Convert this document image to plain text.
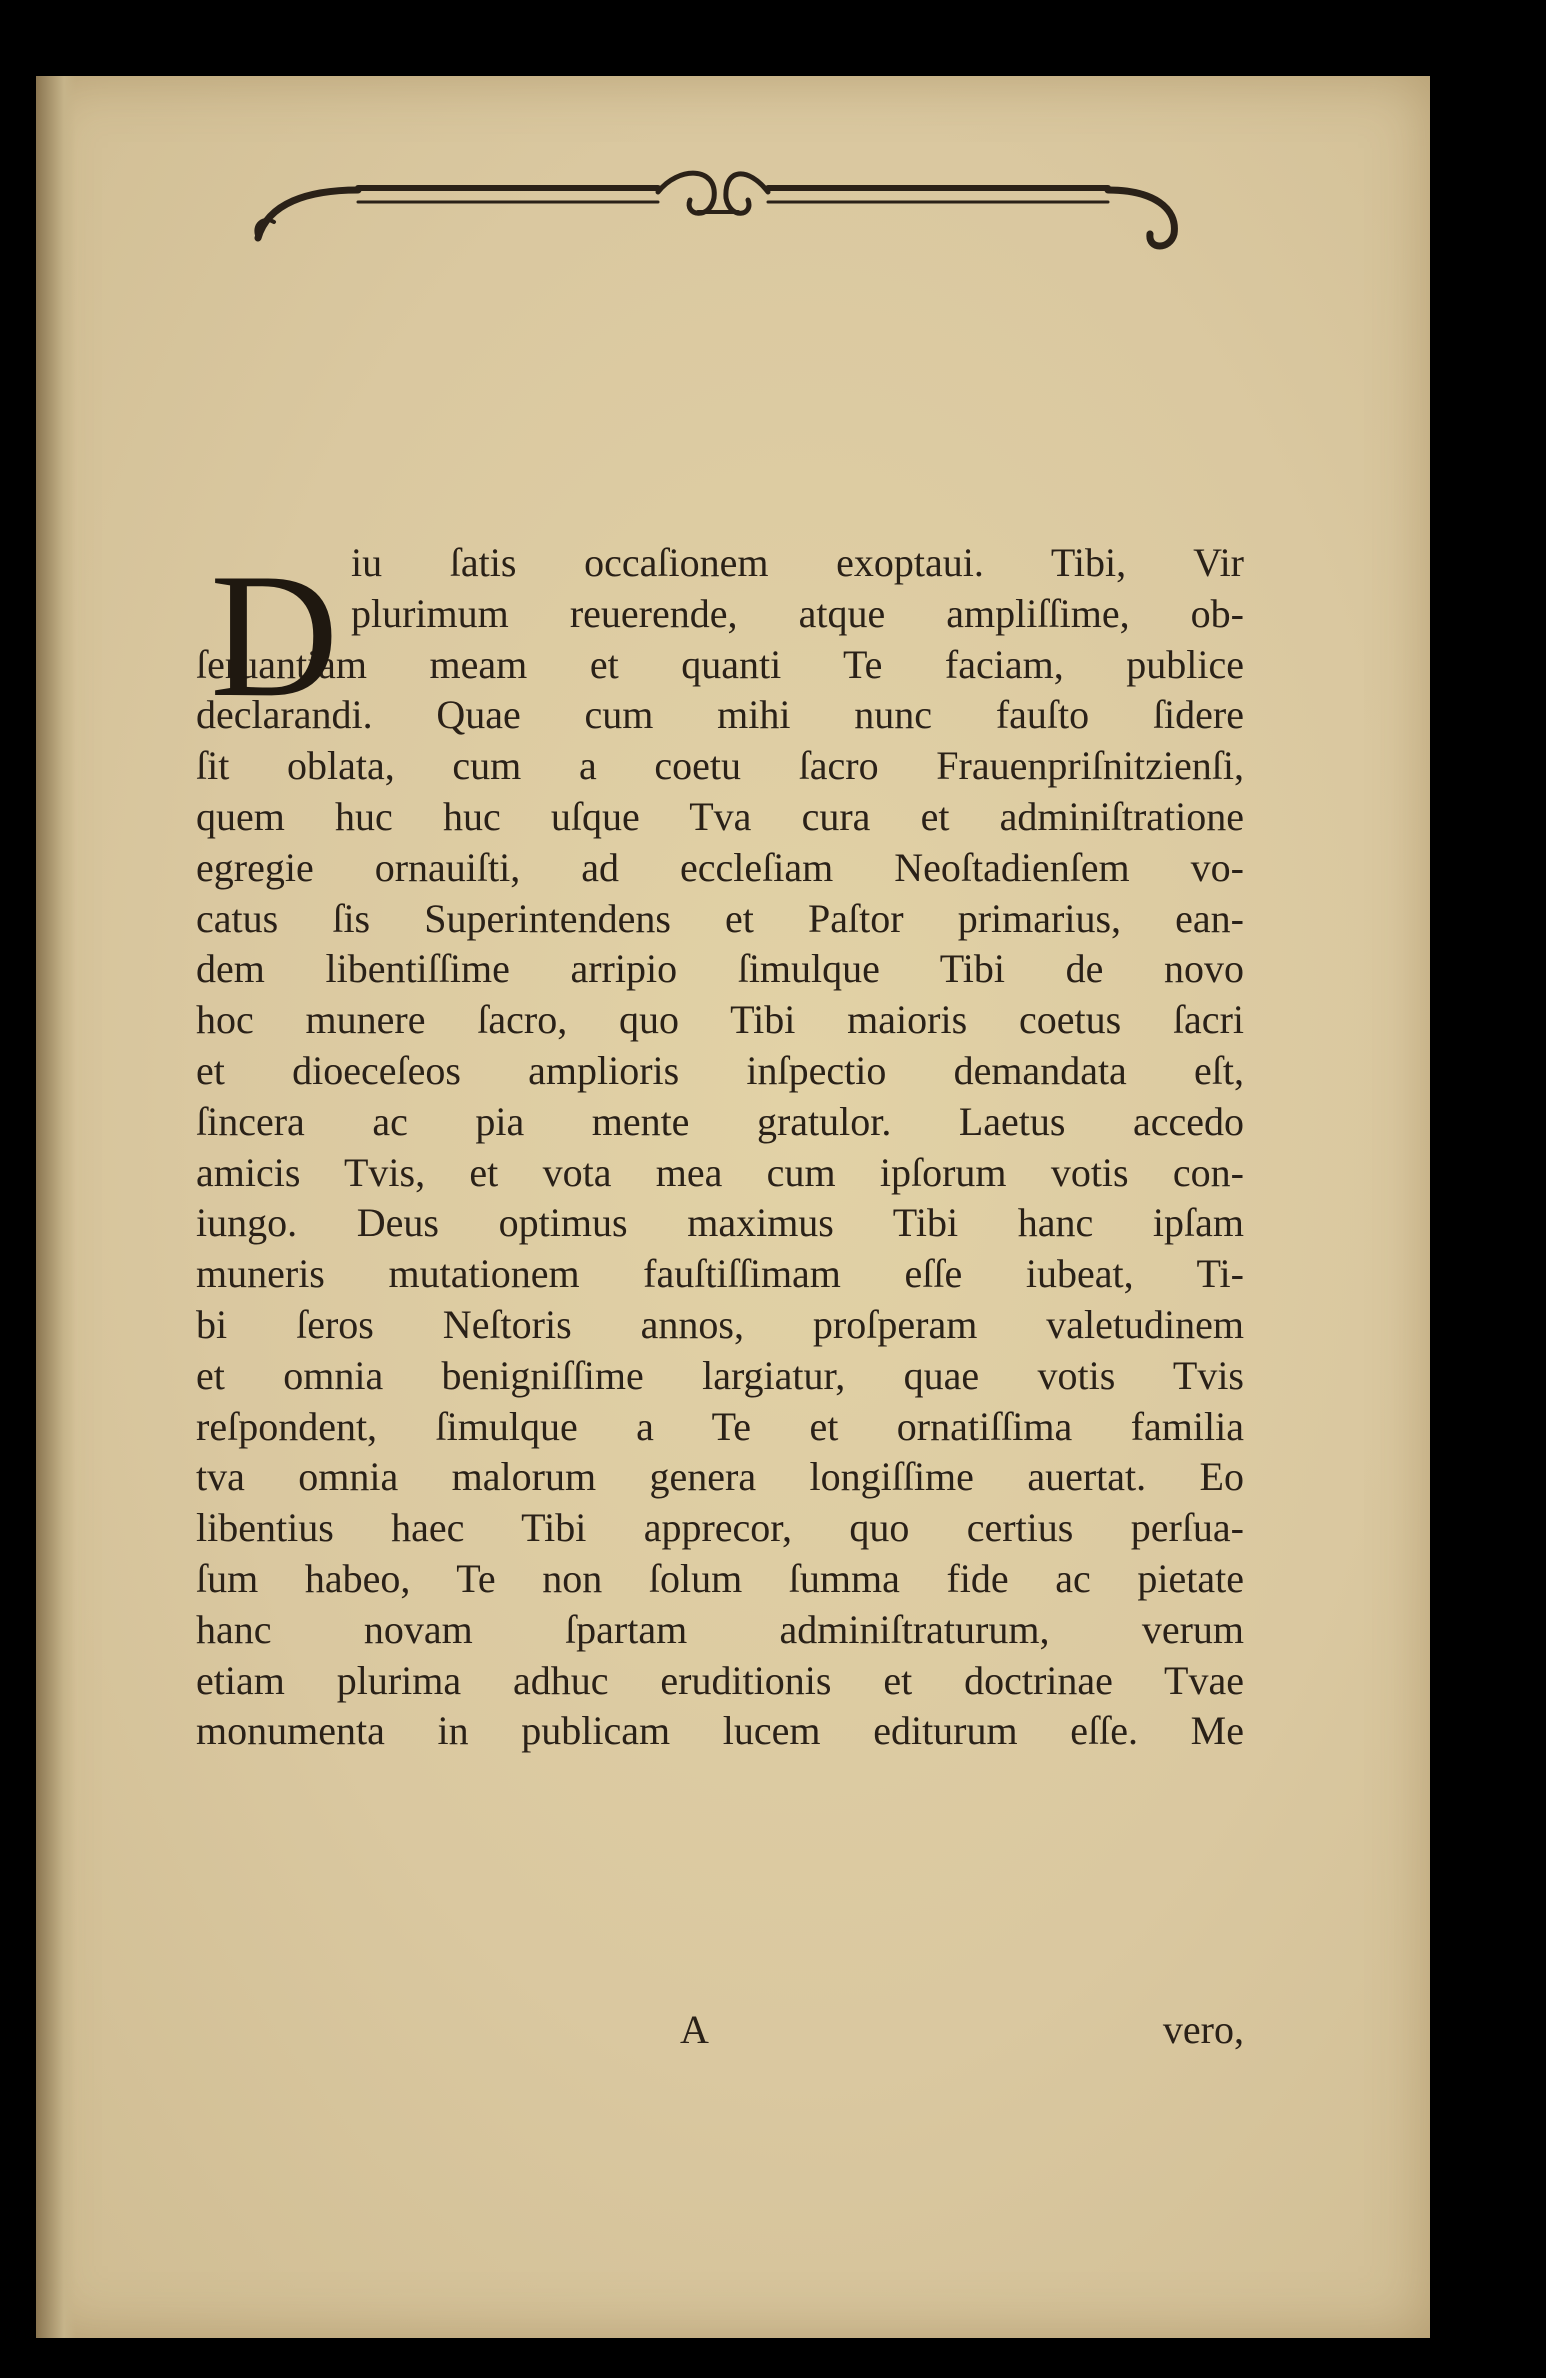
D iu ſatis occaſionem exoptaui. Tibi, Vir
plurimum reuerende, atque ampliſſime, ob-
ſeruantiam meam et quanti Te faciam, publice
declarandi. Quae cum mihi nunc fauſto ſidere
ſit oblata, cum a coetu ſacro Frauenpriſnitzienſi,
quem huc huc uſque Tva cura et adminiſtratione
egregie ornauiſti, ad eccleſiam Neoſtadienſem vo-
catus ſis Superintendens et Paſtor primarius, ean-
dem libentiſſime arripio ſimulque Tibi de novo
hoc munere ſacro, quo Tibi maioris coetus ſacri
et dioeceſeos amplioris inſpectio demandata eſt,
ſincera ac pia mente gratulor. Laetus accedo
amicis Tvis, et vota mea cum ipſorum votis con-
iungo. Deus optimus maximus Tibi hanc ipſam
muneris mutationem fauſtiſſimam eſſe iubeat, Ti-
bi ſeros Neſtoris annos, proſperam valetudinem
et omnia benigniſſime largiatur, quae votis Tvis
reſpondent, ſimulque a Te et ornatiſſima familia
tva omnia malorum genera longiſſime auertat. Eo
libentius haec Tibi apprecor, quo certius perſua-
ſum habeo, Te non ſolum ſumma fide ac pietate
hanc novam ſpartam adminiſtraturum, verum
etiam plurima adhuc eruditionis et doctrinae Tvae
monumenta in publicam lucem editurum eſſe. Me
A	vero,
